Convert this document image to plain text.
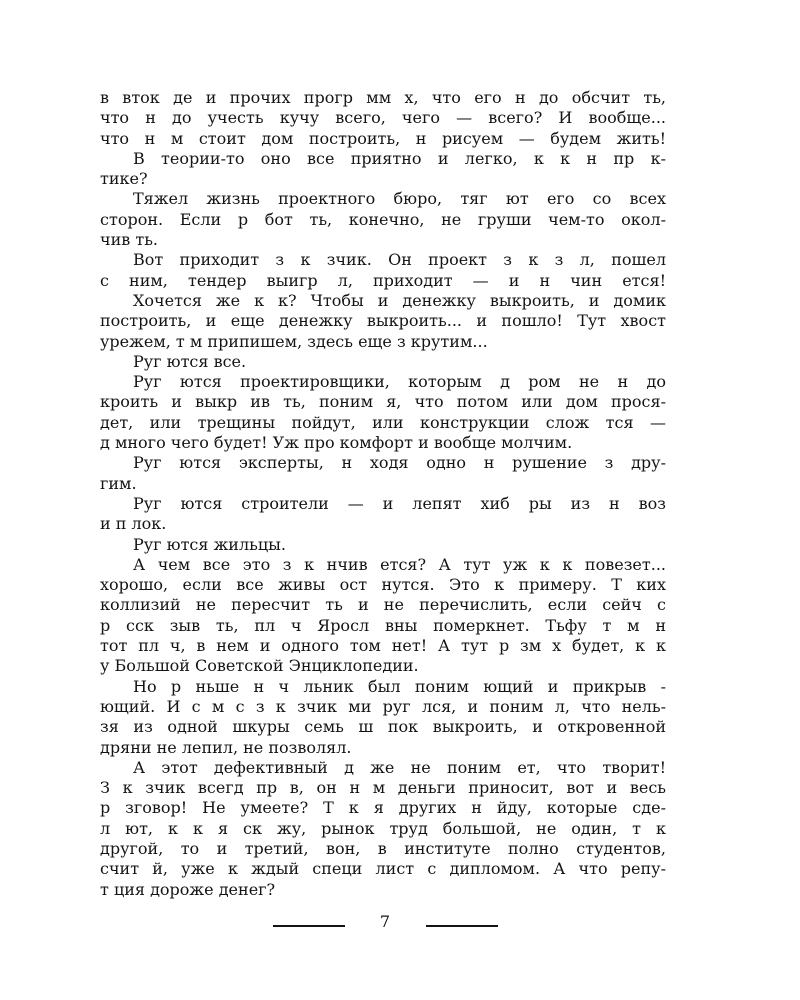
в вток де и прочих прогр мм х, что его н до обсчит ть,
что н до учесть кучу всего, чего — всего? И вообще...
что н м стоит дом построить, н рисуем — будем жить!
В теории-то оно все приятно и легко, к к н пр к-
тике?
Тяжел жизнь проектного бюро, тяг ют его со всех
сторон. Если р бот ть, конечно, не груши чем-то окол-
чив ть.
Вот приходит з к зчик. Он проект з к з л, пошел
с ним, тендер выигр л, приходит — и н чин ется!
Хочется же к к? Чтобы и денежку выкроить, и домик
построить, и еще денежку выкроить... и пошло! Тут хвост
урежем, т м припишем, здесь еще з крутим...
Руг ются все.
Руг ются проектировщики, которым д ром не н до
кроить и выкр ив ть, поним я, что потом или дом прося-
дет, или трещины пойдут, или конструкции слож тся —
д много чего будет! Уж про комфорт и вообще молчим.
Руг ются эксперты, н ходя одно н рушение з дру-
гим.
Руг ются строители — и лепят хиб ры из н воз
и п лок.
Руг ются жильцы.
А чем все это з к нчив ется? А тут уж к к повезет...
хорошо, если все живы ост нутся. Это к примеру. Т ких
коллизий не пересчит ть и не перечислить, если сейч с
р сск зыв ть, пл ч Яросл вны померкнет. Тьфу т м н
тот пл ч, в нем и одного том нет! А тут р зм х будет, к к
у Большой Советской Энциклопедии.
Но р ньше н ч льник был поним ющий и прикрыв -
ющий. И с м с з к зчик ми руг лся, и поним л, что нель-
зя из одной шкуры семь ш пок выкроить, и откровенной
дряни не лепил, не позволял.
А этот дефективный д же не поним ет, что творит!
З к зчик всегд пр в, он н м деньги приносит, вот и весь
р зговор! Не умеете? Т к я других н йду, которые сде-
л ют, к к я ск жу, рынок труд большой, не один, т к
другой, то и третий, вон, в институте полно студентов,
счит й, уже к ждый специ лист с дипломом. А что репу-
т ция дороже денег?
7
